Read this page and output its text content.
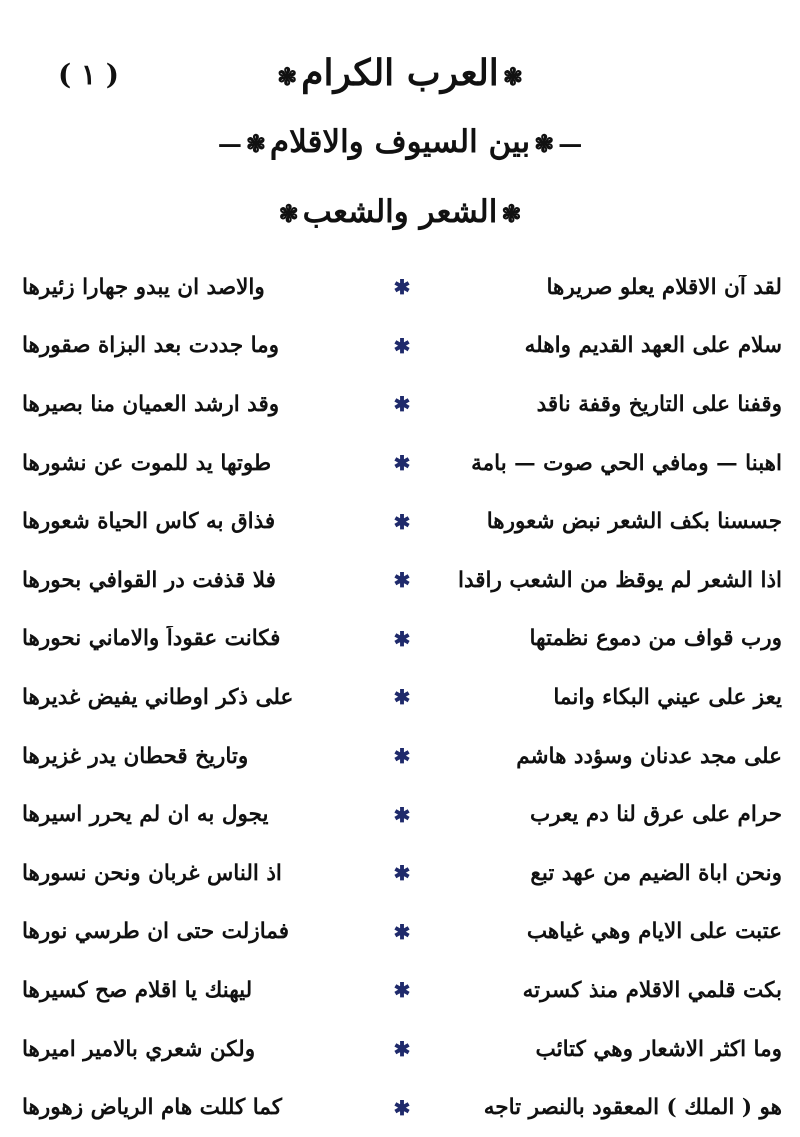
( ١ )	❃العرب الكرام❃
—❃بين السيوف والاقلام❃—
❃الشعر والشعب❃
لقد آن الاقلام يعلو صريرها
✱
والاصد ان يبدو جهارا زئيرها
سلام على العهد القديم واهله
✱
وما جددت بعد البزاة صقورها
وقفنا على التاريخ وقفة ناقد
✱
وقد ارشد العميان منا بصيرها
اهبنا — ومافي الحي صوت — بامة
✱
طوتها يد للموت عن نشورها
جسسنا بكف الشعر نبض شعورها
✱
فذاق به كاس الحياة شعورها
اذا الشعر لم يوقظ من الشعب راقدا
✱
فلا قذفت در القوافي بحورها
ورب قواف من دموع نظمتها
✱
فكانت عقوداً والاماني نحورها
يعز على عيني البكاء وانما
✱
على ذكر اوطاني يفيض غديرها
على مجد عدنان وسؤدد هاشم
✱
وتاريخ قحطان يدر غزيرها
حرام على عرق لنا دم يعرب
✱
يجول به ان لم يحرر اسيرها
ونحن اباة الضيم من عهد تبع
✱
اذ الناس غربان ونحن نسورها
عتبت على الايام وهي غياهب
✱
فمازلت حتى ان طرسي نورها
بكت قلمي الاقلام منذ كسرته
✱
ليهنك يا اقلام صح كسيرها
وما اكثر الاشعار وهي كتائب
✱
ولكن شعري بالامير اميرها
هو ( الملك ) المعقود بالنصر تاجه
✱
كما كللت هام الرياض زهورها
